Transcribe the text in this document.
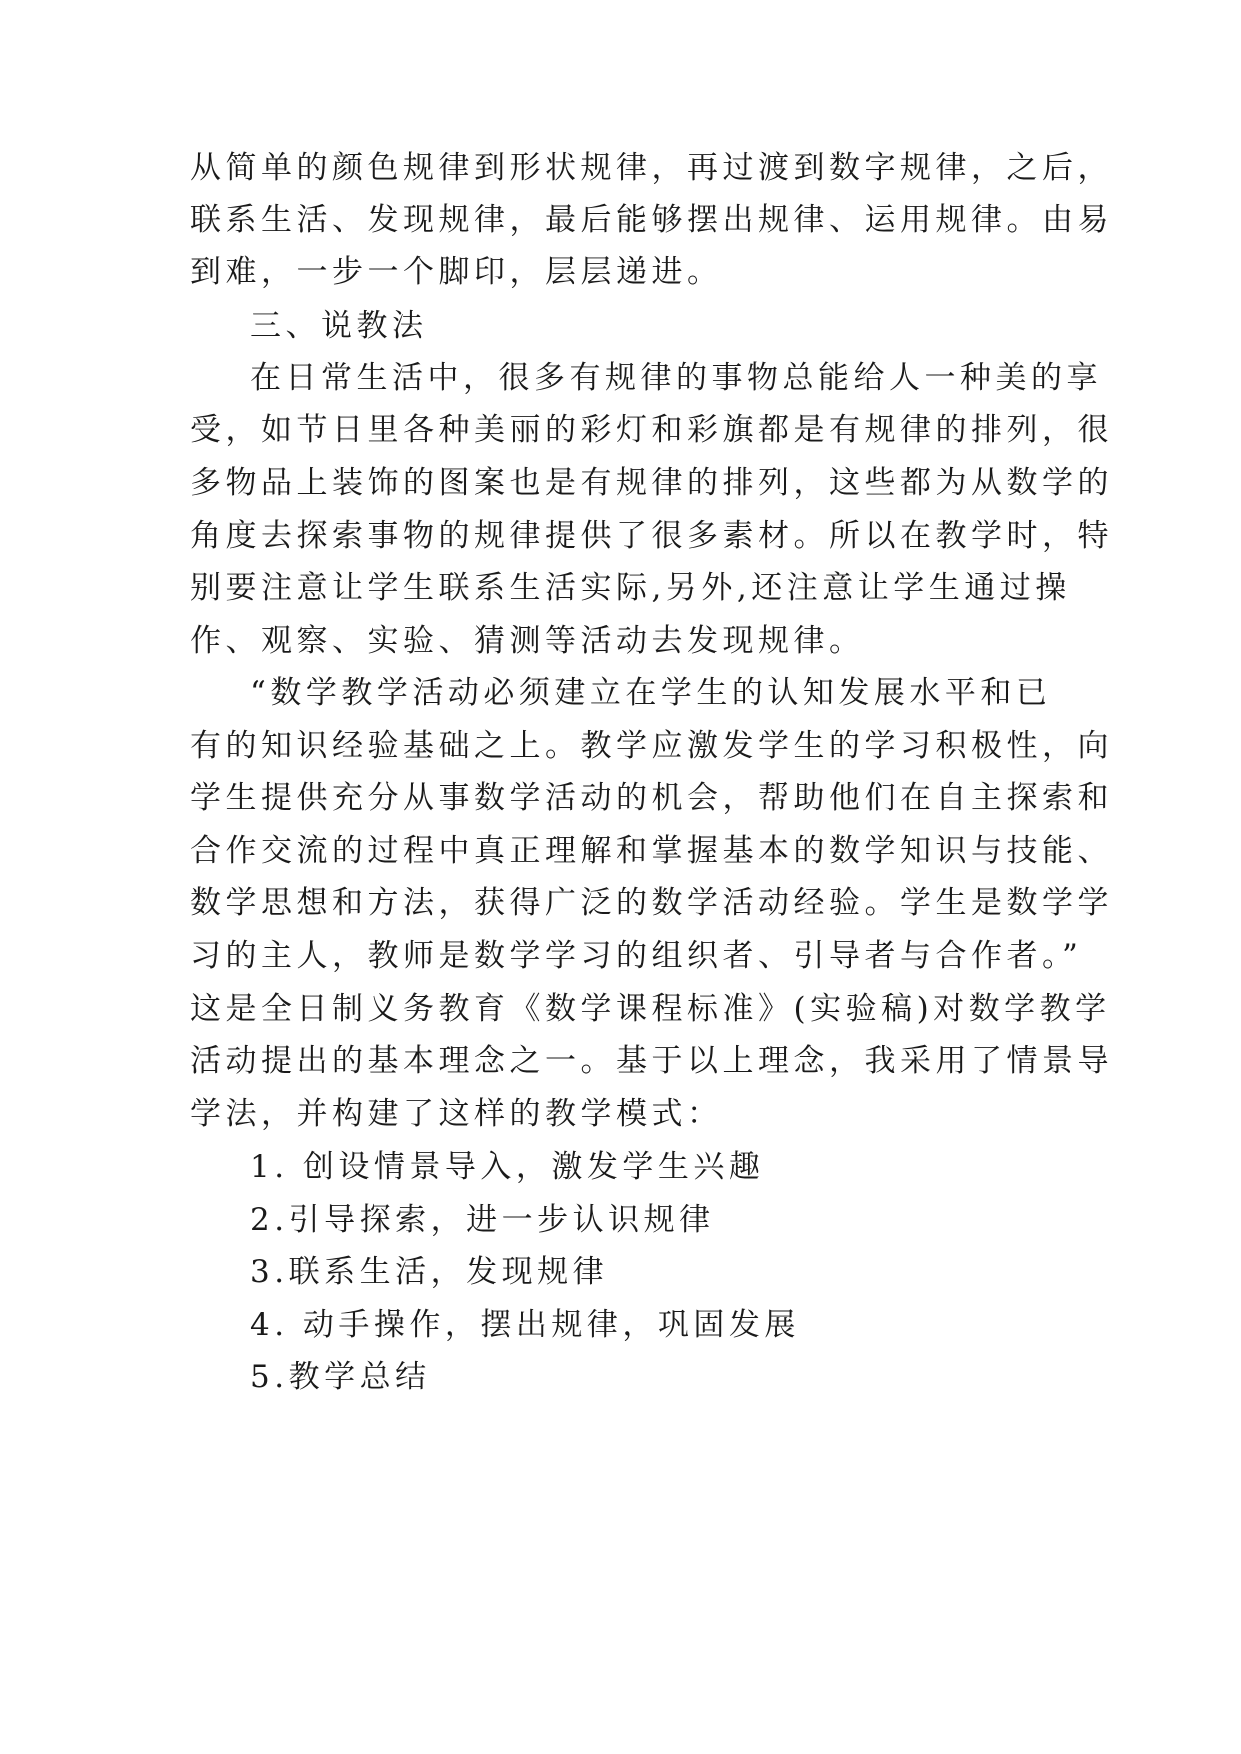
从简单的颜色规律到形状规律，再过渡到数字规律，之后，
联系生活、发现规律，最后能够摆出规律、运用规律。由易
到难，一步一个脚印，层层递进。
三、说教法
在日常生活中，很多有规律的事物总能给人一种美的享
受，如节日里各种美丽的彩灯和彩旗都是有规律的排列，很
多物品上装饰的图案也是有规律的排列，这些都为从数学的
角度去探索事物的规律提供了很多素材。所以在教学时，特
别要注意让学生联系生活实际,另外,还注意让学生通过操
作、观察、实验、猜测等活动去发现规律。
“数学教学活动必须建立在学生的认知发展水平和已
有的知识经验基础之上。教学应激发学生的学习积极性，向
学生提供充分从事数学活动的机会，帮助他们在自主探索和
合作交流的过程中真正理解和掌握基本的数学知识与技能、
数学思想和方法，获得广泛的数学活动经验。学生是数学学
习的主人，教师是数学学习的组织者、引导者与合作者。”
这是全日制义务教育《数学课程标准》(实验稿)对数学教学
活动提出的基本理念之一。基于以上理念，我采用了情景导
学法，并构建了这样的教学模式：
1. 创设情景导入，激发学生兴趣
2.引导探索，进一步认识规律
3.联系生活，发现规律
4. 动手操作，摆出规律，巩固发展
5.教学总结
